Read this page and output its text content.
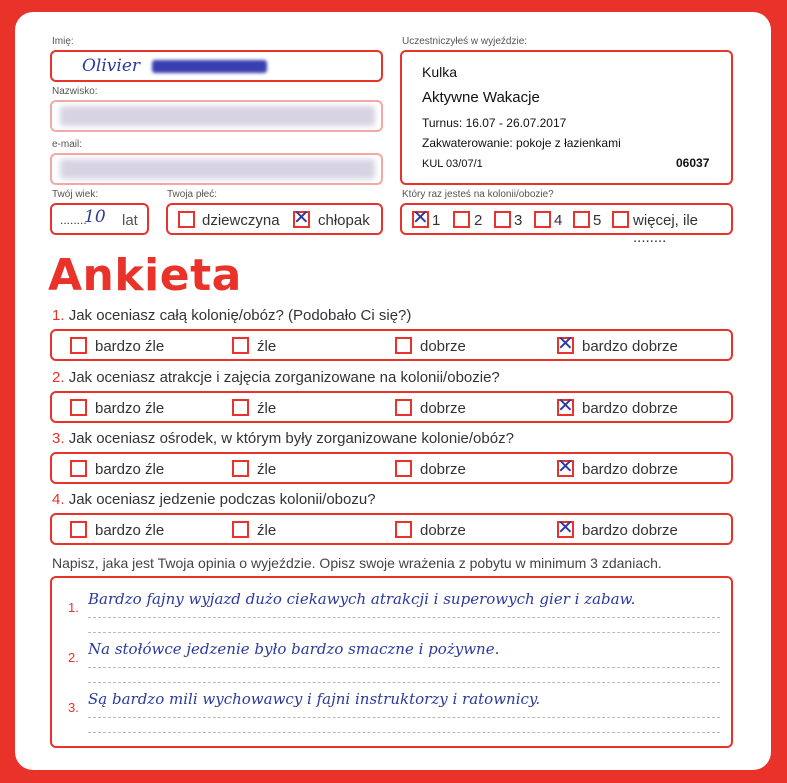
Imię:
Olivier
Nazwisko:
e-mail:
Twój wiek:
........
10 lat
Twoja płeć:
dziewczyna ✕ chłopak
Uczestniczyłeś w wyjeździe:
Kulka
Aktywne Wakacje
Turnus: 16.07 - 26.07.2017
Zakwaterowanie: pokoje z łazienkami
KUL 03/07/1	06037
Który raz jesteś na kolonii/obozie?
✕ 1 2 3 4 5 więcej, ile ........
Ankieta
1. Jak oceniasz całą kolonię/obóz? (Podobało Ci się?)
bardzo źle	źle	dobrze	✕ bardzo dobrze
2. Jak oceniasz atrakcje i zajęcia zorganizowane na kolonii/obozie?
bardzo źle	źle	dobrze	✕ bardzo dobrze
3. Jak oceniasz ośrodek, w którym były zorganizowane kolonie/obóz?
bardzo źle	źle	dobrze	✕ bardzo dobrze
4. Jak oceniasz jedzenie podczas kolonii/obozu?
bardzo źle	źle	dobrze	✕ bardzo dobrze
Napisz, jaka jest Twoja opinia o wyjeździe. Opisz swoje wrażenia z pobytu w minimum 3 zdaniach.
1. Bardzo fajny wyjazd dużo ciekawych atrakcji i superowych gier i zabaw.
2. Na stołówce jedzenie było bardzo smaczne i pożywne.
3. Są bardzo mili wychowawcy i fajni instruktorzy i ratownicy.
